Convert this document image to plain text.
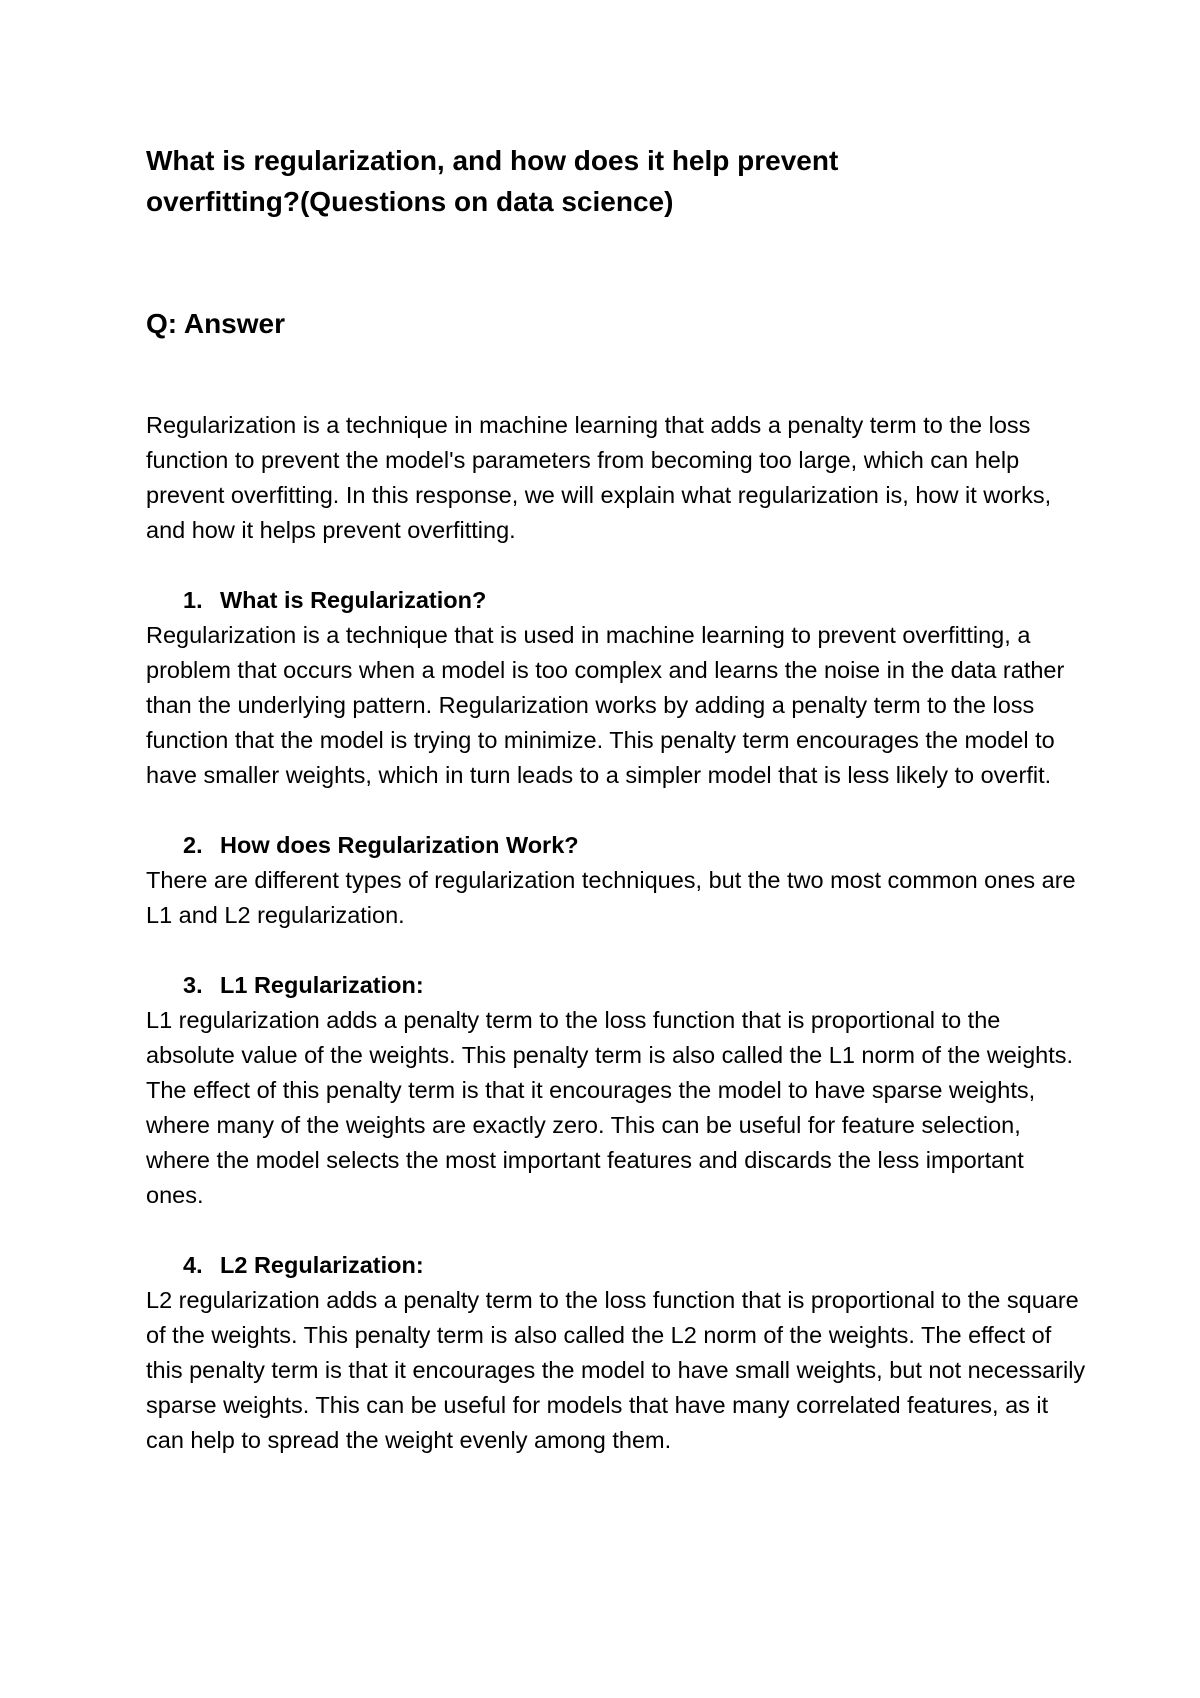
What is regularization, and how does it help prevent overfitting?(Questions on data science)
Q: Answer

Regularization is a technique in machine learning that adds a penalty term to the loss function to prevent the model's parameters from becoming too large, which can help prevent overfitting. In this response, we will explain what regularization is, how it works, and how it helps prevent overfitting.

1. What is Regularization?

Regularization is a technique that is used in machine learning to prevent overfitting, a problem that occurs when a model is too complex and learns the noise in the data rather than the underlying pattern. Regularization works by adding a penalty term to the loss function that the model is trying to minimize. This penalty term encourages the model to have smaller weights, which in turn leads to a simpler model that is less likely to overfit.

2. How does Regularization Work?

There are different types of regularization techniques, but the two most common ones are L1 and L2 regularization.

3. L1 Regularization:

L1 regularization adds a penalty term to the loss function that is proportional to the absolute value of the weights. This penalty term is also called the L1 norm of the weights. The effect of this penalty term is that it encourages the model to have sparse weights, where many of the weights are exactly zero. This can be useful for feature selection, where the model selects the most important features and discards the less important ones.

4. L2 Regularization:

L2 regularization adds a penalty term to the loss function that is proportional to the square of the weights. This penalty term is also called the L2 norm of the weights. The effect of this penalty term is that it encourages the model to have small weights, but not necessarily sparse weights. This can be useful for models that have many correlated features, as it can help to spread the weight evenly among them.
